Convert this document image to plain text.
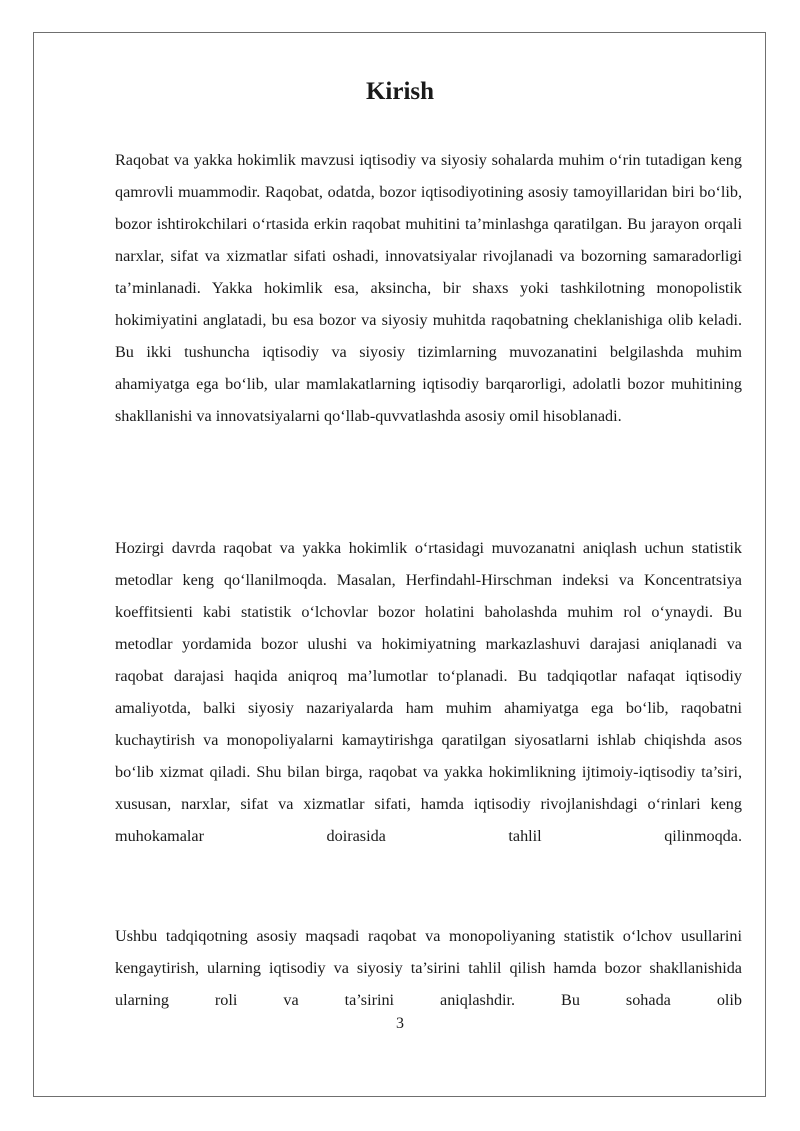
Kirish

Raqobat va yakka hokimlik mavzusi iqtisodiy va siyosiy sohalarda muhim o‘rin tutadigan keng qamrovli muammodir. Raqobat, odatda, bozor iqtisodiyotining asosiy tamoyillaridan biri bo‘lib, bozor ishtirokchilari o‘rtasida erkin raqobat muhitini ta’minlashga qaratilgan. Bu jarayon orqali narxlar, sifat va xizmatlar sifati oshadi, innovatsiyalar rivojlanadi va bozorning samaradorligi ta’minlanadi. Yakka hokimlik esa, aksincha, bir shaxs yoki tashkilotning monopolistik hokimiyatini anglatadi, bu esa bozor va siyosiy muhitda raqobatning cheklanishiga olib keladi. Bu ikki tushuncha iqtisodiy va siyosiy tizimlarning muvozanatini belgilashda muhim ahamiyatga ega bo‘lib, ular mamlakatlarning iqtisodiy barqarorligi, adolatli bozor muhitining shakllanishi va innovatsiyalarni qo‘llab-quvvatlashda asosiy omil hisoblanadi.

Hozirgi davrda raqobat va yakka hokimlik o‘rtasidagi muvozanatni aniqlash uchun statistik metodlar keng qo‘llanilmoqda. Masalan, Herfindahl-Hirschman indeksi va Koncentratsiya koeffitsienti kabi statistik o‘lchovlar bozor holatini baholashda muhim rol o‘ynaydi. Bu metodlar yordamida bozor ulushi va hokimiyatning markazlashuvi darajasi aniqlanadi va raqobat darajasi haqida aniqroq ma’lumotlar to‘planadi. Bu tadqiqotlar nafaqat iqtisodiy amaliyotda, balki siyosiy nazariyalarda ham muhim ahamiyatga ega bo‘lib, raqobatni kuchaytirish va monopoliyalarni kamaytirishga qaratilgan siyosatlarni ishlab chiqishda asos bo‘lib xizmat qiladi. Shu bilan birga, raqobat va yakka hokimlikning ijtimoiy-iqtisodiy ta’siri, xususan, narxlar, sifat va xizmatlar sifati, hamda iqtisodiy rivojlanishdagi o‘rinlari keng muhokamalar doirasida tahlil qilinmoqda.

Ushbu tadqiqotning asosiy maqsadi raqobat va monopoliyaning statistik o‘lchov usullarini kengaytirish, ularning iqtisodiy va siyosiy ta’sirini tahlil qilish hamda bozor shakllanishida ularning roli va ta’sirini aniqlashdir. Bu sohada olib

3
